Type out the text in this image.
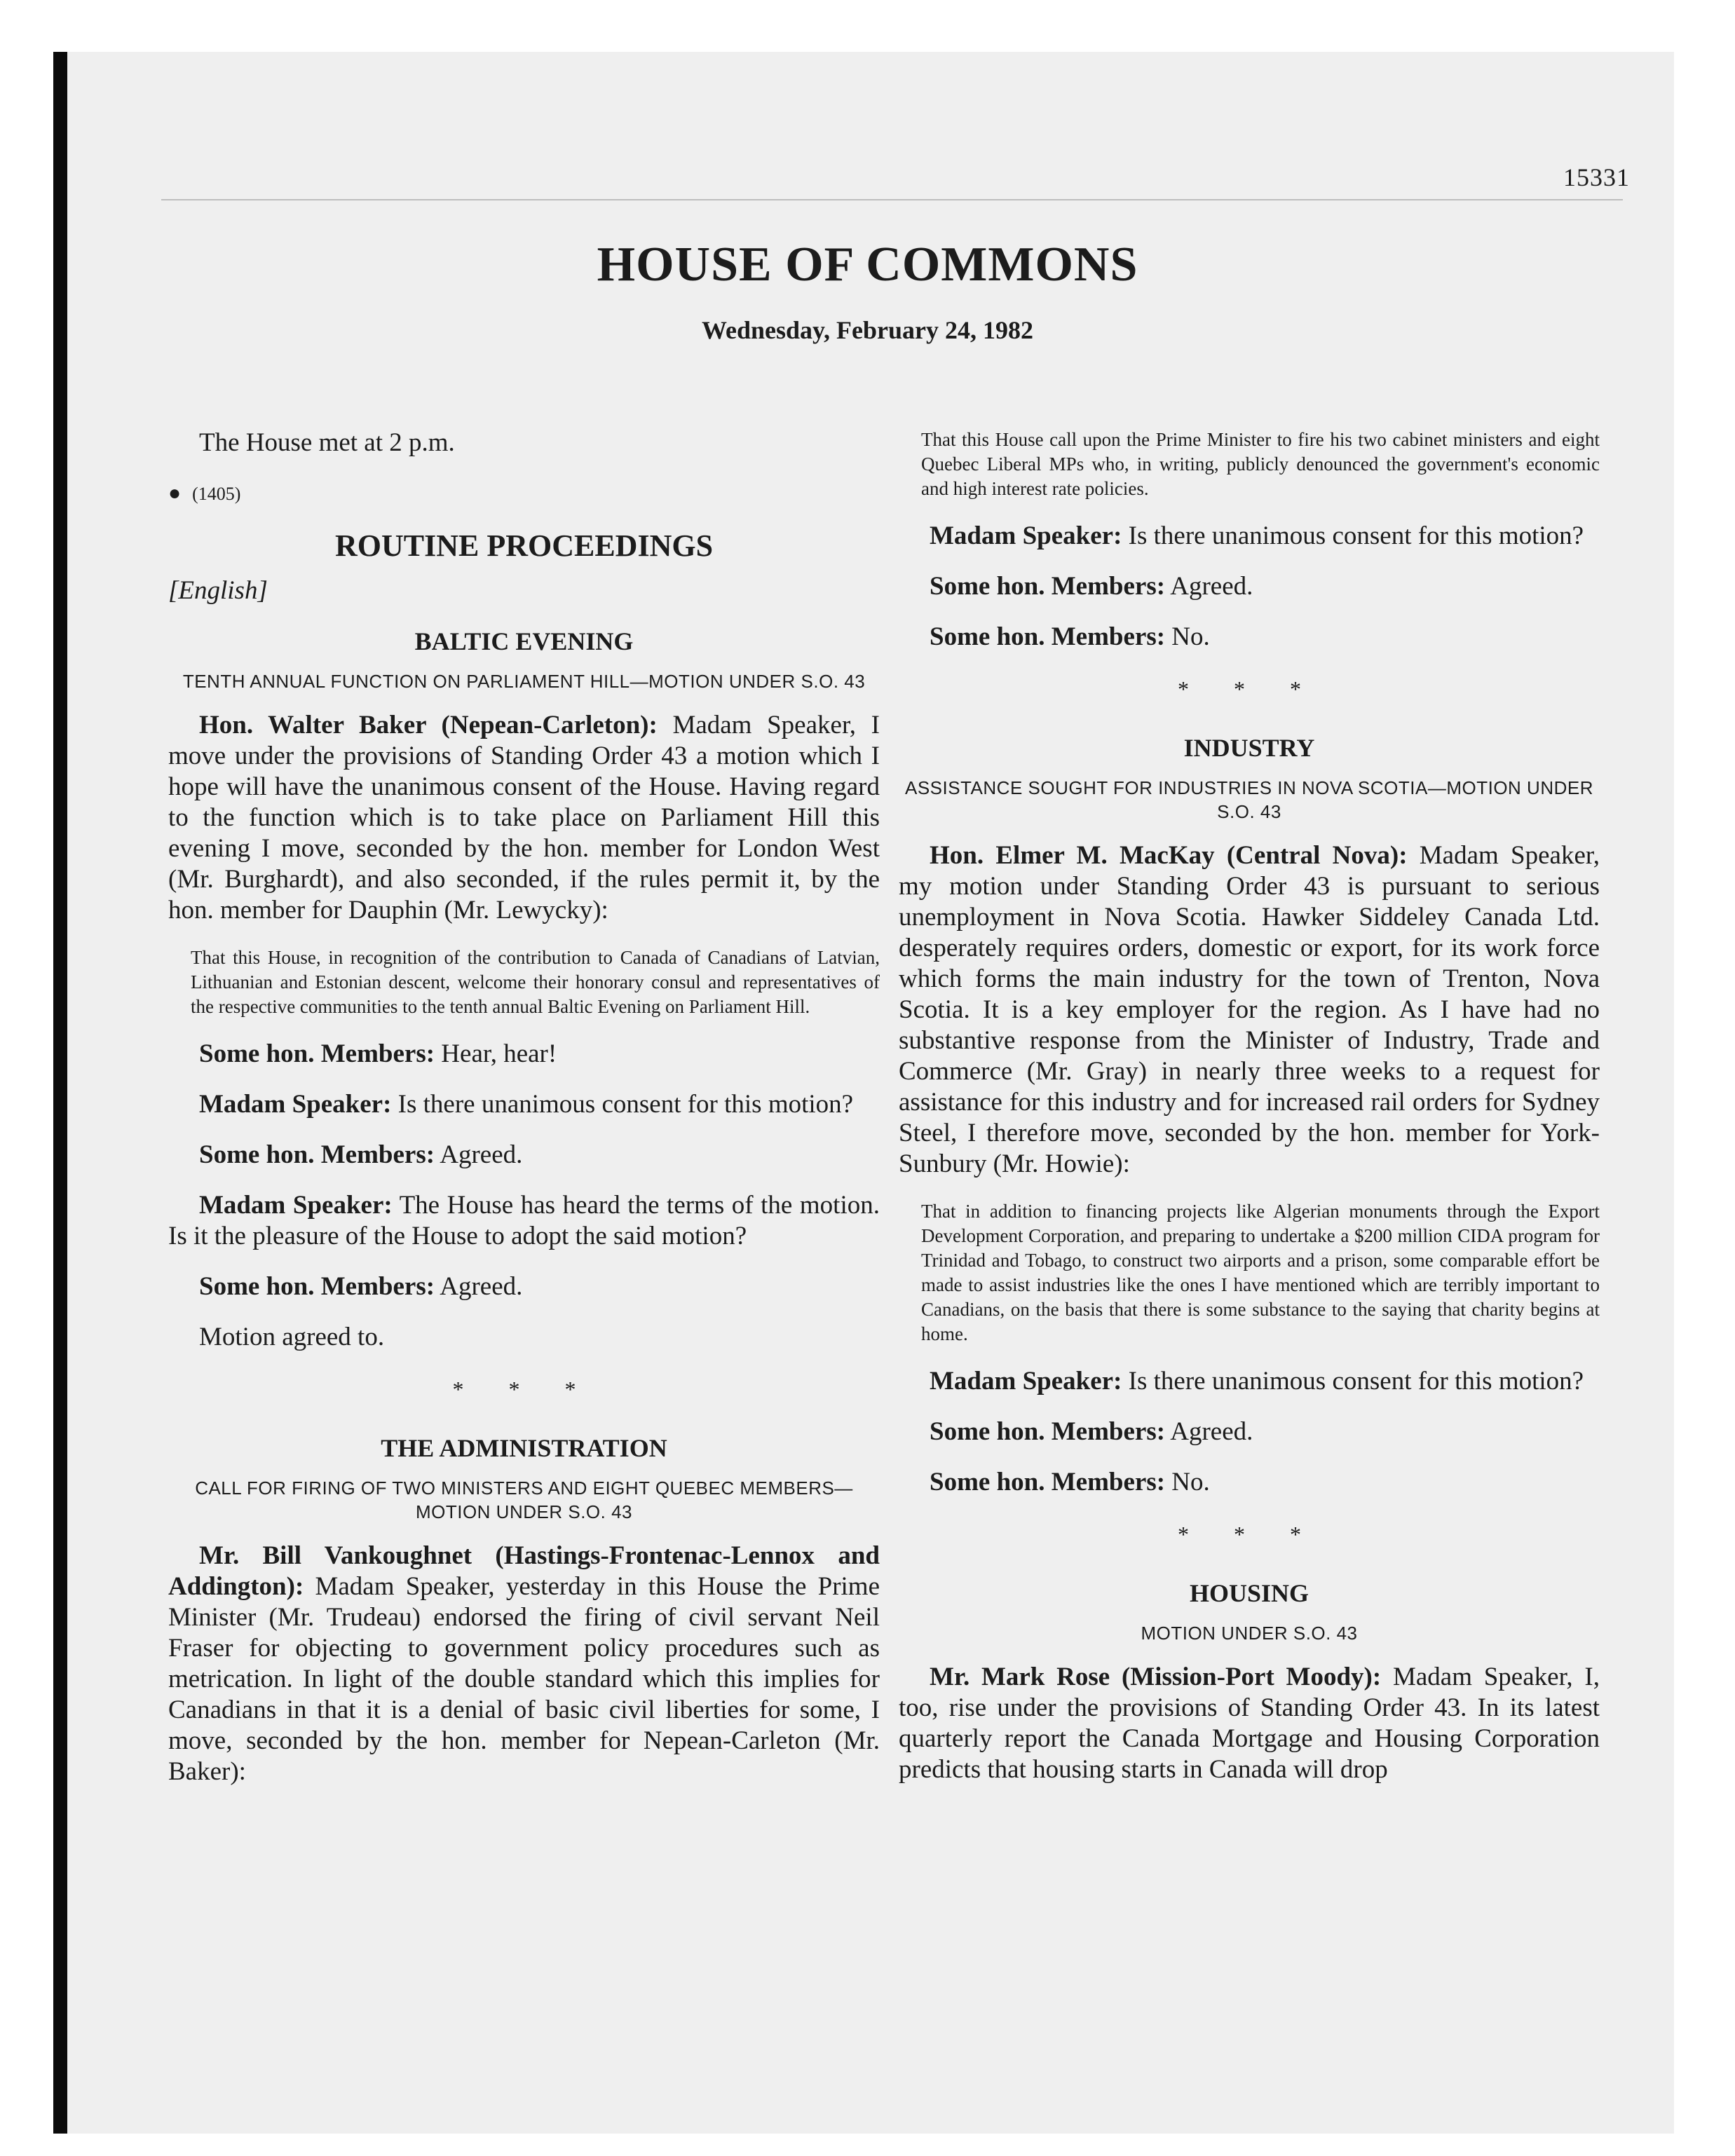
15331
HOUSE OF COMMONS
Wednesday, February 24, 1982

The House met at 2 p.m.

● (1405)

ROUTINE PROCEEDINGS

[English]

BALTIC EVENING
TENTH ANNUAL FUNCTION ON PARLIAMENT HILL—MOTION UNDER S.O. 43

Hon. Walter Baker (Nepean-Carleton): Madam Speaker, I move under the provisions of Standing Order 43 a motion which I hope will have the unanimous consent of the House. Having regard to the function which is to take place on Parliament Hill this evening I move, seconded by the hon. member for London West (Mr. Burghardt), and also seconded, if the rules permit it, by the hon. member for Dauphin (Mr. Lewycky):

That this House, in recognition of the contribution to Canada of Canadians of Latvian, Lithuanian and Estonian descent, welcome their honorary consul and representatives of the respective communities to the tenth annual Baltic Evening on Parliament Hill.

Some hon. Members: Hear, hear!

Madam Speaker: Is there unanimous consent for this motion?

Some hon. Members: Agreed.

Madam Speaker: The House has heard the terms of the motion. Is it the pleasure of the House to adopt the said motion?

Some hon. Members: Agreed.

Motion agreed to.

* * *
THE ADMINISTRATION
CALL FOR FIRING OF TWO MINISTERS AND EIGHT QUEBEC MEMBERS—MOTION UNDER S.O. 43

Mr. Bill Vankoughnet (Hastings-Frontenac-Lennox and Addington): Madam Speaker, yesterday in this House the Prime Minister (Mr. Trudeau) endorsed the firing of civil servant Neil Fraser for objecting to government policy procedures such as metrication. In light of the double standard which this implies for Canadians in that it is a denial of basic civil liberties for some, I move, seconded by the hon. member for Nepean-Carleton (Mr. Baker):

That this House call upon the Prime Minister to fire his two cabinet ministers and eight Quebec Liberal MPs who, in writing, publicly denounced the government's economic and high interest rate policies.

Madam Speaker: Is there unanimous consent for this motion?

Some hon. Members: Agreed.

Some hon. Members: No.

* * *
INDUSTRY
ASSISTANCE SOUGHT FOR INDUSTRIES IN NOVA SCOTIA—MOTION UNDER S.O. 43

Hon. Elmer M. MacKay (Central Nova): Madam Speaker, my motion under Standing Order 43 is pursuant to serious unemployment in Nova Scotia. Hawker Siddeley Canada Ltd. desperately requires orders, domestic or export, for its work force which forms the main industry for the town of Trenton, Nova Scotia. It is a key employer for the region. As I have had no substantive response from the Minister of Industry, Trade and Commerce (Mr. Gray) in nearly three weeks to a request for assistance for this industry and for increased rail orders for Sydney Steel, I therefore move, seconded by the hon. member for York-Sunbury (Mr. Howie):

That in addition to financing projects like Algerian monuments through the Export Development Corporation, and preparing to undertake a $200 million CIDA program for Trinidad and Tobago, to construct two airports and a prison, some comparable effort be made to assist industries like the ones I have mentioned which are terribly important to Canadians, on the basis that there is some substance to the saying that charity begins at home.

Madam Speaker: Is there unanimous consent for this motion?

Some hon. Members: Agreed.

Some hon. Members: No.

* * *
HOUSING
MOTION UNDER S.O. 43

Mr. Mark Rose (Mission-Port Moody): Madam Speaker, I, too, rise under the provisions of Standing Order 43. In its latest quarterly report the Canada Mortgage and Housing Corporation predicts that housing starts in Canada will drop
